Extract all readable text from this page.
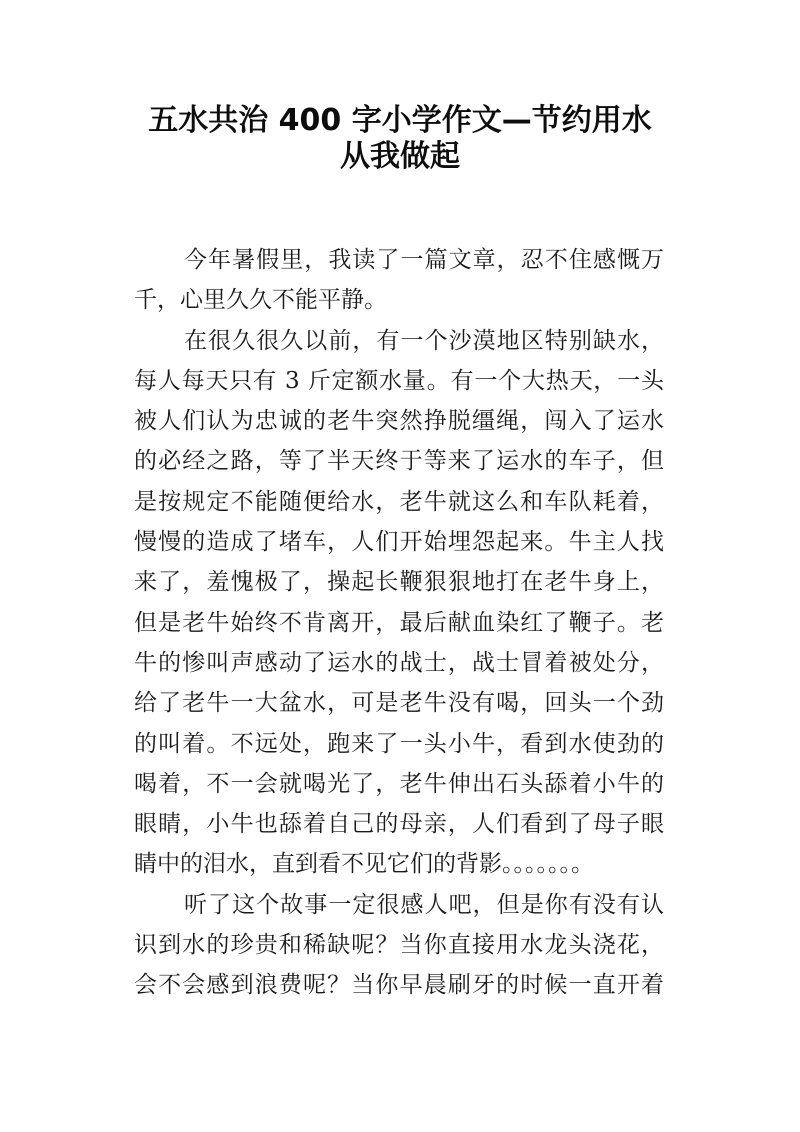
五水共治 400 字小学作文—节约用水
从我做起
今年暑假里，我读了一篇文章，忍不住感慨万
千，心里久久不能平静。
在很久很久以前，有一个沙漠地区特别缺水，
每人每天只有 3 斤定额水量。有一个大热天，一头
被人们认为忠诚的老牛突然挣脱缰绳，闯入了运水
的必经之路，等了半天终于等来了运水的车子，但
是按规定不能随便给水，老牛就这么和车队耗着，
慢慢的造成了堵车，人们开始埋怨起来。牛主人找
来了，羞愧极了，操起长鞭狠狠地打在老牛身上，
但是老牛始终不肯离开，最后献血染红了鞭子。老
牛的惨叫声感动了运水的战士，战士冒着被处分，
给了老牛一大盆水，可是老牛没有喝，回头一个劲
的叫着。不远处，跑来了一头小牛，看到水使劲的
喝着，不一会就喝光了，老牛伸出石头舔着小牛的
眼睛，小牛也舔着自己的母亲，人们看到了母子眼
睛中的泪水，直到看不见它们的背影。。。。。。。
听了这个故事一定很感人吧，但是你有没有认
识到水的珍贵和稀缺呢？当你直接用水龙头浇花，
会不会感到浪费呢？当你早晨刷牙的时候一直开着
